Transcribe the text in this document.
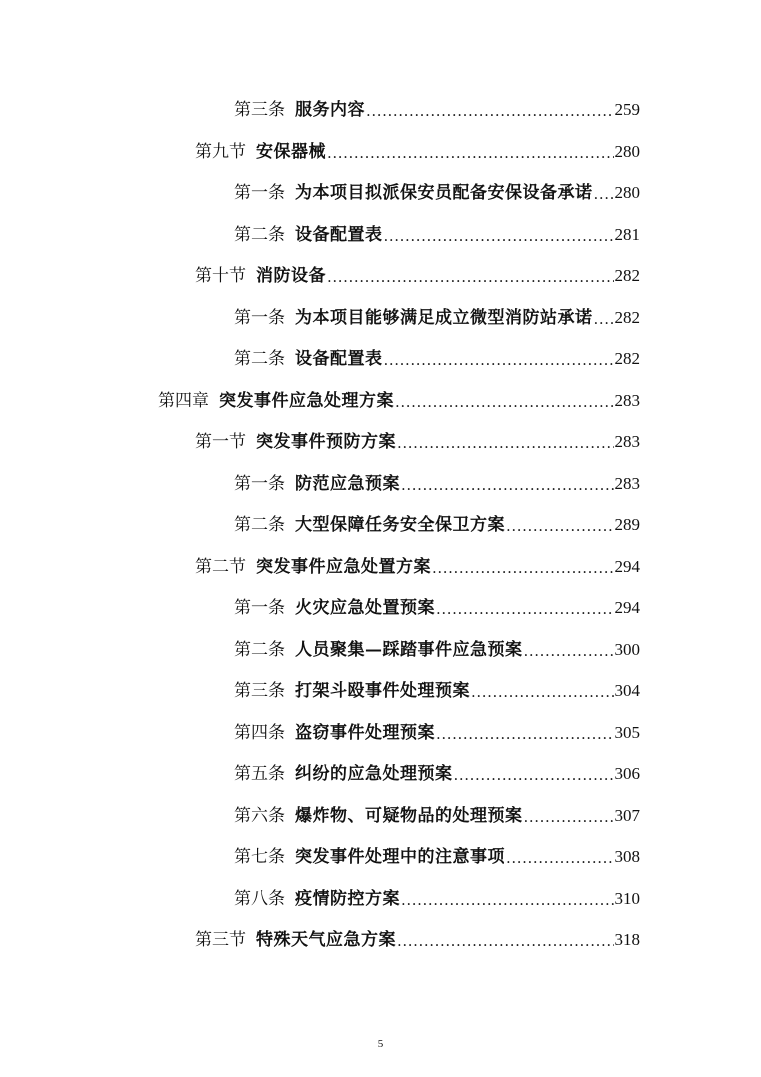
第三条 服务内容 .....	259
第九节 安保器械 .....	280
第一条 为本项目拟派保安员配备安保设备承诺 ..... 280
第二条 设备配置表 .....	281
第十节 消防设备 .....	282
第一条 为本项目能够满足成立微型消防站承诺 ..... 282
第二条 设备配置表 .....	282
第四章 突发事件应急处理方案 .....	283
第一节 突发事件预防方案 .....	283
第一条 防范应急预案 .....	283
第二条 大型保障任务安全保卫方案 .....	289
第二节 突发事件应急处置方案 .....	294
第一条 火灾应急处置预案 .....	294
第二条 人员聚集—踩踏事件应急预案 .....	300
第三条 打架斗殴事件处理预案 .....	304
第四条 盗窃事件处理预案 .....	305
第五条 纠纷的应急处理预案 .....	306
第六条 爆炸物、可疑物品的处理预案 .....	307
第七条 突发事件处理中的注意事项 .....	308
第八条 疫情防控方案 .....	310
第三节 特殊天气应急方案 .....	318
5
